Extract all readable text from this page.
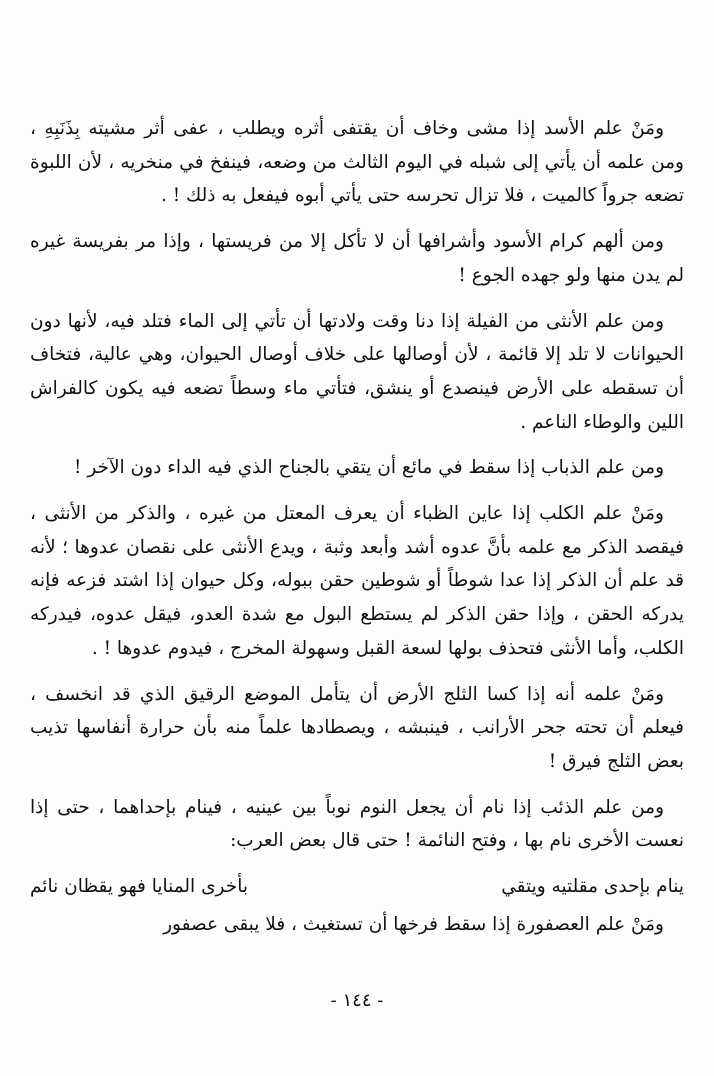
ومَنْ علم الأسد إذا مشى وخاف أن يقتفى أثره ويطلب ، عفى أثر مشيته بِذَنَبِهِ ، ومن علمه أن يأتي إلى شبله في اليوم الثالث من وضعه، فينفخ في منخريه ، لأن اللبوة تضعه جرواً كالميت ، فلا تزال تحرسه حتى يأتي أبوه فيفعل به ذلك ! .

ومن ألهم كرام الأسود وأشرافها أن لا تأكل إلا من فريستها ، وإذا مر بفريسة غيره لم يدن منها ولو جهده الجوع !

ومن علم الأنثى من الفيلة إذا دنا وقت ولادتها أن تأتي إلى الماء فتلد فيه، لأنها دون الحيوانات لا تلد إلا قائمة ، لأن أوصالها على خلاف أوصال الحيوان، وهي عالية، فتخاف أن تسقطه على الأرض فينصدع أو ينشق، فتأتي ماء وسطاً تضعه فيه يكون كالفراش اللين والوطاء الناعم .

ومن علم الذباب إذا سقط في مائع أن يتقي بالجناح الذي فيه الداء دون الآخر !

ومَنْ علم الكلب إذا عاين الظباء أن يعرف المعتل من غيره ، والذكر من الأنثى ، فيقصد الذكر مع علمه بأنَّ عدوه أشد وأبعد وثبة ، ويدع الأنثى على نقصان عدوها ؛ لأنه قد علم أن الذكر إذا عدا شوطاً أو شوطين حقن ببوله، وكل حيوان إذا اشتد فزعه فإنه يدركه الحقن ، وإذا حقن الذكر لم يستطع البول مع شدة العدو، فيقل عدوه، فيدركه الكلب، وأما الأنثى فتحذف بولها لسعة القبل وسهولة المخرج ، فيدوم عدوها ! .

ومَنْ علمه أنه إذا كسا الثلج الأرض أن يتأمل الموضع الرقيق الذي قد انخسف ، فيعلم أن تحته جحر الأرانب ، فينبشه ، ويصطادها علماً منه بأن حرارة أنفاسها تذيب بعض الثلج فيرق !

ومن علم الذئب إذا نام أن يجعل النوم نوباً بين عينيه ، فينام بإحداهما ، حتى إذا نعست الأخرى نام بها ، وفتح النائمة ! حتى قال بعض العرب:

ينام بإحدى مقلتيه ويتقي
بأخرى المنايا فهو يقظان نائم

ومَنْ علم العصفورة إذا سقط فرخها أن تستغيث ، فلا يبقى عصفور

- ١٤٤ -
